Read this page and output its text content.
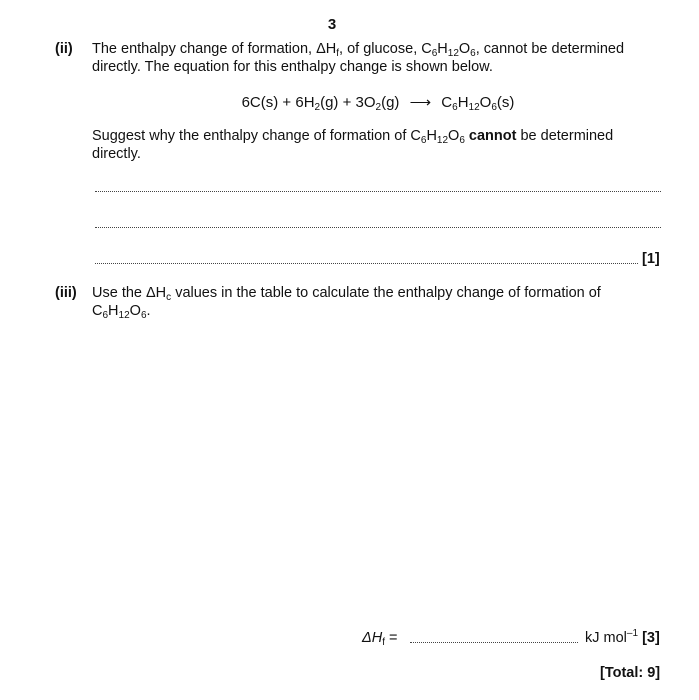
3
(ii) The enthalpy change of formation, $\Delta H_f$, of glucose, $C_6H_{12}O_6$, cannot be determined
directly. The equation for this enthalpy change is shown below.
$6C(s) + 6H_2(g) + 3O_2(g)$ ⟶ $C_6H_{12}O_6(s)$
Suggest why the enthalpy change of formation of $C_6H_{12}O_6$ cannot be determined
directly.
[1]
(iii) Use the $\Delta H_c$ values in the table to calculate the enthalpy change of formation of
$C_6H_{12}O_6$.
$\Delta H_f$ =	kJ mol$^{-1}$ [3]
[Total: 9]
